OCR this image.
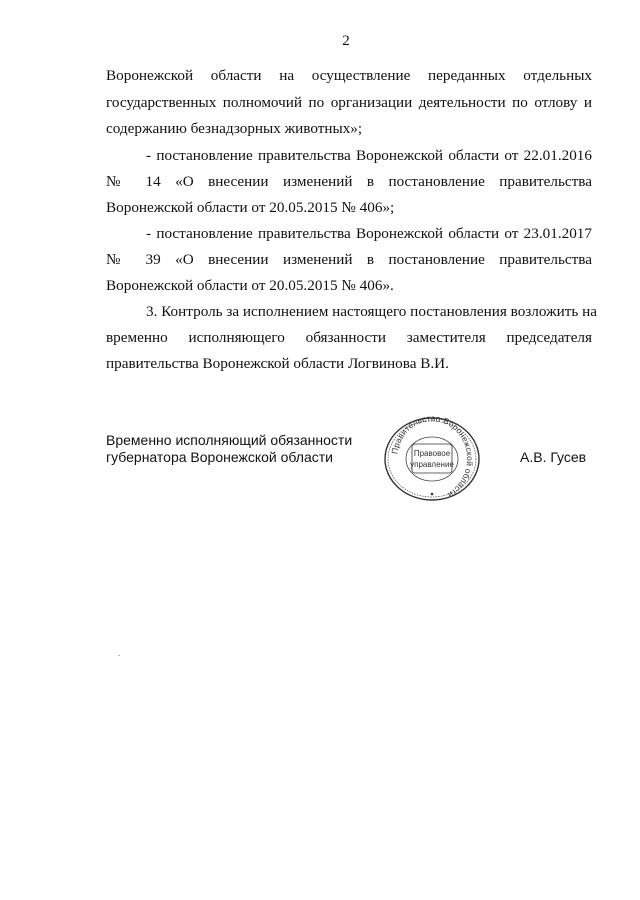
2
Воронежской области на осуществление переданных отдельных
государственных полномочий по организации деятельности по отлову и
содержанию безнадзорных животных»;
- постановление правительства Воронежской области от 22.01.2016
№ 14 «О внесении изменений в постановление правительства
Воронежской области от 20.05.2015 № 406»;
- постановление правительства Воронежской области от 23.01.2017
№ 39 «О внесении изменений в постановление правительства
Воронежской области от 20.05.2015 № 406».
3. Контроль за исполнением настоящего постановления возложить на
временно исполняющего обязанности заместителя председателя
правительства Воронежской области Логвинова В.И.
Временно исполняющий обязанности
губернатора Воронежской области	Правительство Воронежской области
Правовое
управление	А.В. Гусев
